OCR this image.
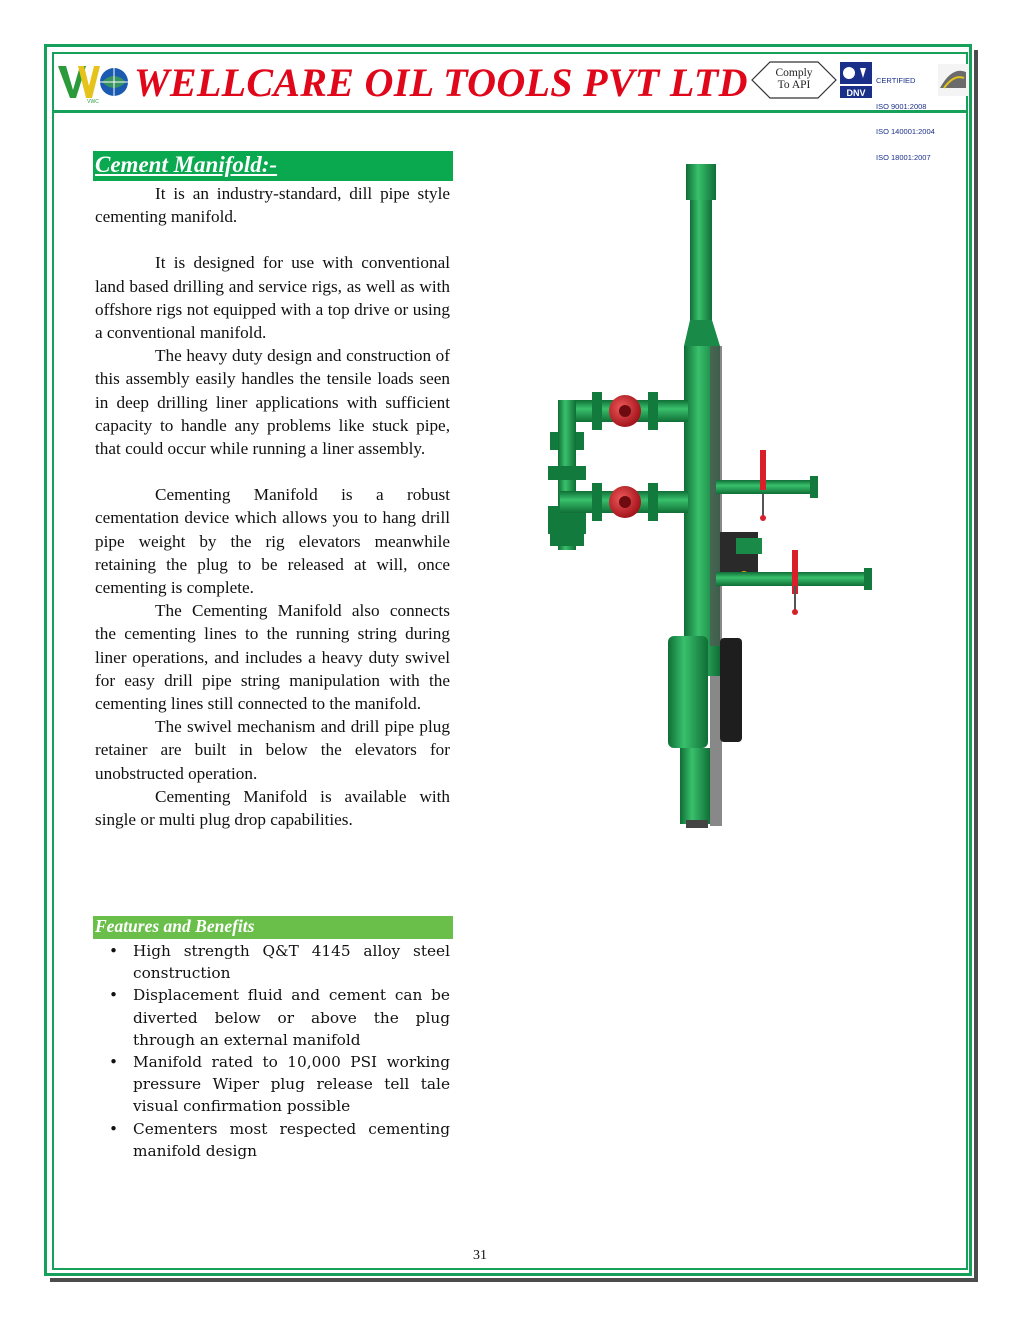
VWC WELLCARE OIL TOOLS PVT LTD	Comply
To API
DNV

CERTIFIED

ISO 9001:2008

ISO 140001:2004

ISO 18001:2007

Cement Manifold:-

It is an industry-standard, dill pipe style cementing manifold.

It is designed for use with conventional land based drilling and service rigs, as well as with offshore rigs not equipped with a top drive or using a conventional manifold.

The heavy duty design and construction of this assembly easily handles the tensile loads seen in deep drilling liner applications with sufficient capacity to handle any problems like stuck pipe, that could occur while running a liner assembly.

Cementing Manifold is a robust cementation device which allows you to hang drill pipe weight by the rig elevators meanwhile retaining the plug to be released at will, once cementing is complete.

The Cementing Manifold also connects the cementing lines to the running string during liner operations, and includes a heavy duty swivel for easy drill pipe string manipulation with the cementing lines still connected to the manifold.

The swivel mechanism and drill pipe plug retainer are built in below the elevators for unobstructed operation.

Cementing Manifold is available with single or multi plug drop capabilities.

Features and Benefits
• High strength Q&T 4145 alloy steel construction
• Displacement fluid and cement can be diverted below or above the plug through an external manifold
• Manifold rated to 10,000 PSI working pressure Wiper plug release tell tale visual confirmation possible
• Cementers most respected cementing manifold design
31
